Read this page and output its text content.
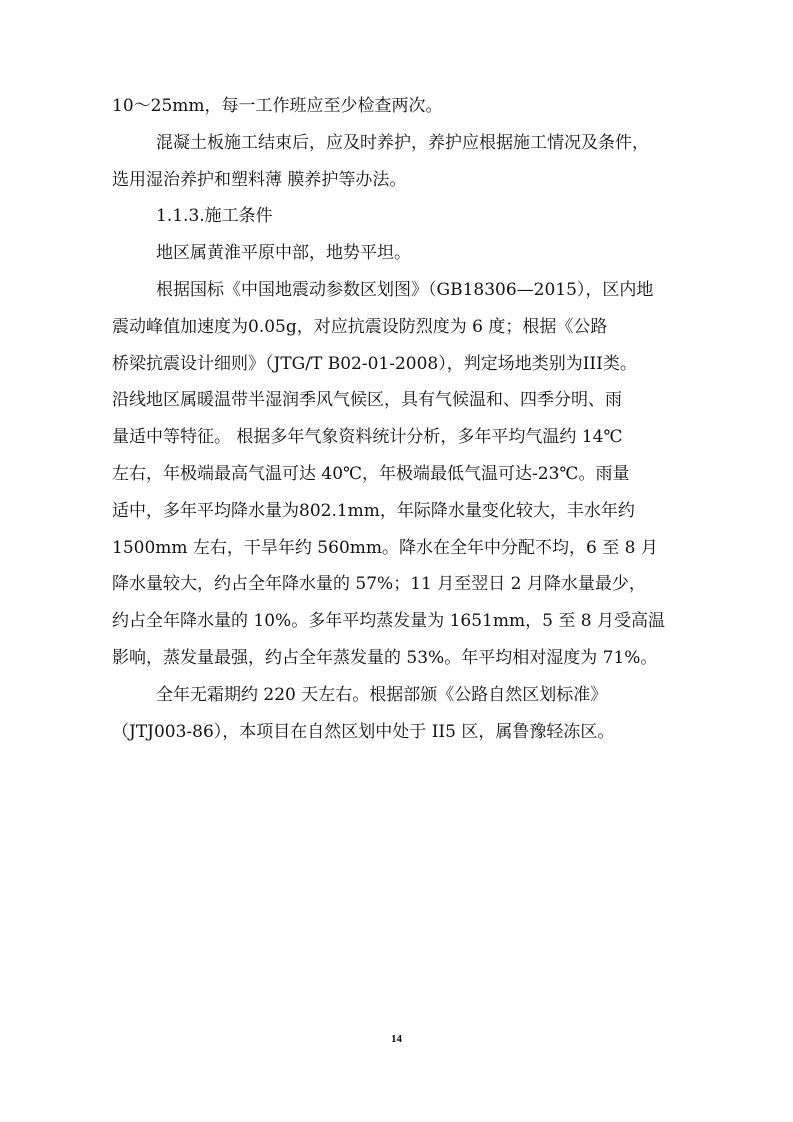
10～25mm，每一工作班应至少检查两次。
混凝土板施工结束后，应及时养护，养护应根据施工情况及条件，
选用湿治养护和塑料薄 膜养护等办法。
1.1.3.施工条件
地区属黄淮平原中部，地势平坦。
根据国标《中国地震动参数区划图》（GB18306—2015），区内地
震动峰值加速度为0.05g，对应抗震设防烈度为 6 度；根据《公路
桥梁抗震设计细则》（JTG/T B02-01-2008），判定场地类别为III类。
沿线地区属暖温带半湿润季风气候区，具有气候温和、四季分明、雨
量适中等特征。 根据多年气象资料统计分析，多年平均气温约 14℃
左右，年极端最高气温可达 40℃，年极端最低气温可达-23℃。雨量
适中，多年平均降水量为802.1mm，年际降水量变化较大，丰水年约
1500mm 左右，干旱年约 560mm。降水在全年中分配不均，6 至 8 月
降水量较大，约占全年降水量的 57%；11 月至翌日 2 月降水量最少，
约占全年降水量的 10%。多年平均蒸发量为 1651mm，5 至 8 月受高温
影响，蒸发量最强，约占全年蒸发量的 53%。年平均相对湿度为 71%。
全年无霜期约 220 天左右。根据部颁《公路自然区划标准》
（JTJ003-86），本项目在自然区划中处于 II5 区，属鲁豫轻冻区。
14
